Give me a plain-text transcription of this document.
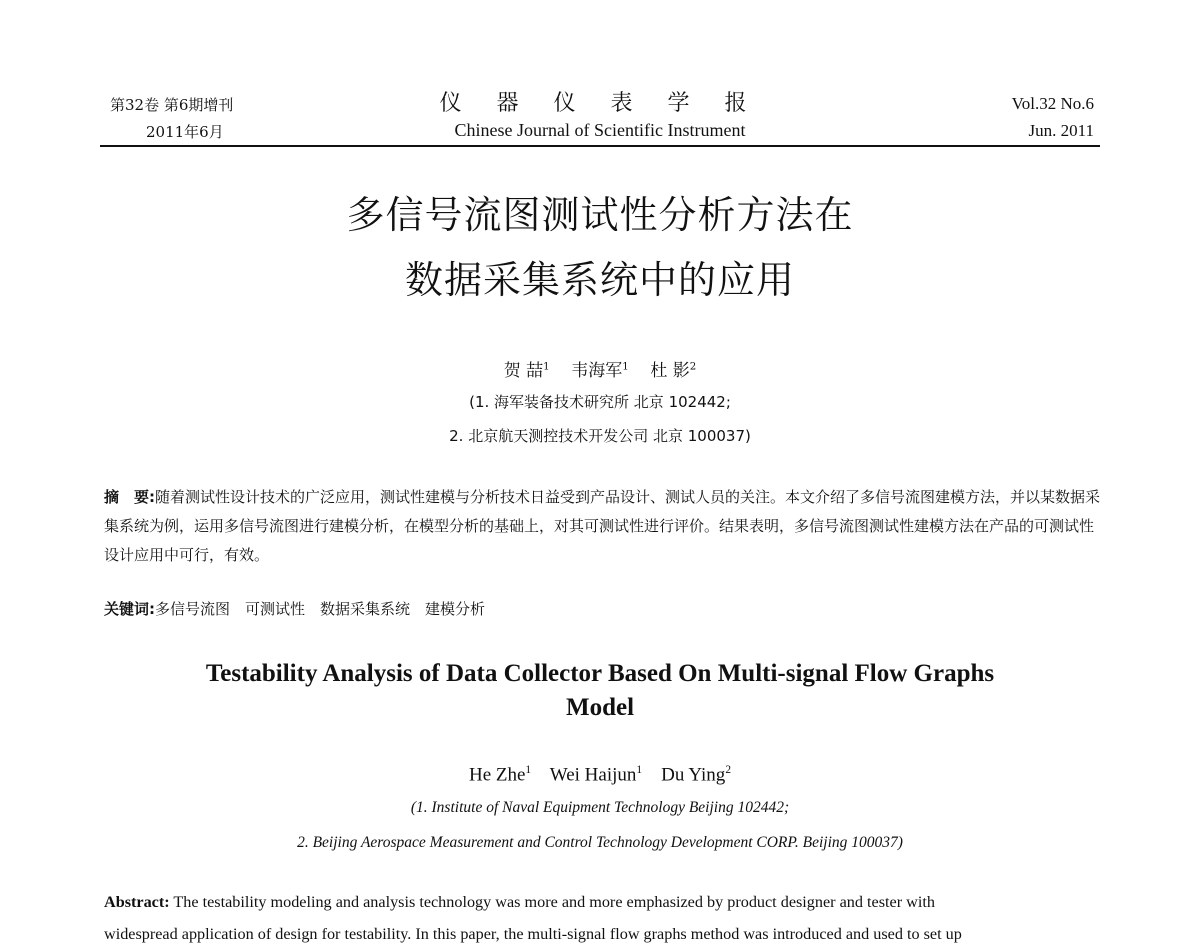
第32卷 第6期增刊
2011年6月
仪 器 仪 表 学 报
Chinese Journal of Scientific Instrument
Vol.32 No.6
Jun. 2011
多信号流图测试性分析方法在
数据采集系统中的应用
贺 喆$^1$ 韦海军$^1$ 杜 影$^2$
(1. 海军装备技术研究所 北京 102442;
2. 北京航天测控技术开发公司 北京 100037)
摘　要:随着测试性设计技术的广泛应用，测试性建模与分析技术日益受到产品设计、测试人员的关注。本文介绍了多信号流图建模方法，并以某数据采集系统为例，运用多信号流图进行建模分析，在模型分析的基础上，对其可测试性进行评价。结果表明，多信号流图测试性建模方法在产品的可测试性设计应用中可行，有效。
关键词:多信号流图　可测试性　数据采集系统　建模分析
Testability Analysis of Data Collector Based On Multi-signal Flow Graphs
Model
He Zhe$^1$ Wei Haijun$^1$ Du Ying$^2$
(1. Institute of Naval Equipment Technology Beijing 102442;
2. Beijing Aerospace Measurement and Control Technology Development CORP. Beijing 100037)
Abstract: The testability modeling and analysis technology was more and more emphasized by product designer and tester with
widespread application of design for testability. In this paper, the multi-signal flow graphs method was introduced and used to set up
